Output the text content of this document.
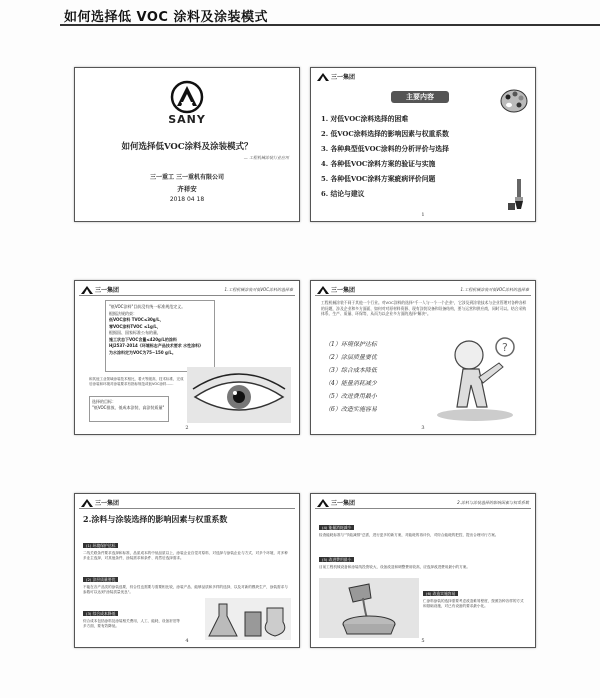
如何选择低 VOC 涂料及涂装模式
SANY
如何选择低VOC涂料及涂装模式？
— 工程机械涂装行业应用
三一重工 三一重机有限公司
齐祥安
2018 04 18
三一集团
主要内容
1. 对低VOC涂料选择的困难
2. 低VOC涂料选择的影响因素与权重系数
3. 各种典型低VOC涂料的分析评价与选择
4. 各种低VOC涂料方案的验证与实施
5. 各种低VOC涂料方案疵病评价问题
6. 结论与建议
1
三一集团	1.工程机械涂装对低VOC涂料的选择难
"低VOC涂料"目前没有统一标准规范定义。
根据法规约束：
低VOC涂料 TVOC≤30g/L，
零VOC涂料TVOC ≤1g/L，
根据国、国家标准公布的量，
施工状态下VOC含量≤420g/L的涂料
HJ2537-2014《环境标志产品技术要求 水性涂料》
为水涂料定为VOC为75~150 g/L。
和其他工业领域涂装技术相比，着火等级高，技术标准，完成后涂装和环境对涂装要求有指标规范或低VOC涂料……
选择的目标：
"低VOC排放、低成本涂装、高涂装质量"
2
三一集团	1.工程机械涂装对低VOC涂料的选择难
工程机械涂装不同于其他一个行业。对VOC涂料的选择"千一人与一个一个企业"，它涉及到涂装技术与企业管理对各种各样的问题，涉及企业和多方面面，如何对对原材料资源、现有涂装设备和设备结构，要与运营和供应商，同时可以。结合采购体系、生产、质量、环保等，从而为以企业多方面的选择"解决"。
（1）环境保护达标
（2）涂层质量要优
（3）综合成本降低
（4）能量消耗减少
（5）改进费用最小
（6）改造实施容易
?
3
三一集团
2.涂料与涂装选择的影响因素与权重系数
(1) 环境保护达标
二线关联条件要求选择和标准，品质成本的中低品质以上，涂装企业自觉对原料、对选择与涂装企业与方式、对多个环境，对多种多业主选择，对其他条件，涂装需求和条件、再然后选择需求。
(2) 涂层质量要优
不能在各产品类的涂装选要，综合性也需要与需要相比较，涂装产品、能够品质和多样的选择，以及对新的模块生产，涂装需求与参数可以达到"涂装质量优良"。
(3) 综合成本降低
综合成本包括涂料及涂装相关费用，人工、能耗、设备折旧等多方面，要有效降低。
4
三一集团	2.涂料与涂装选择的影响因素与权重系数
(4) 能量消耗减少
检查能耗标准与"节能减排"总需，进行更多的新方案，对能耗的再评价，对综合能耗的把控，提出合理可行方案。
(5) 改进费用最小
目前工程机械设备和涂装线投资较大，设备改造和调整费用较高，应选择改进费用最小的方案。
(6) 改造实施容易
仁涂料涂装的选择需要考虑改造难易程度，按照各种各样的方式和基础设施，对已有设备的要求最小化。
5
